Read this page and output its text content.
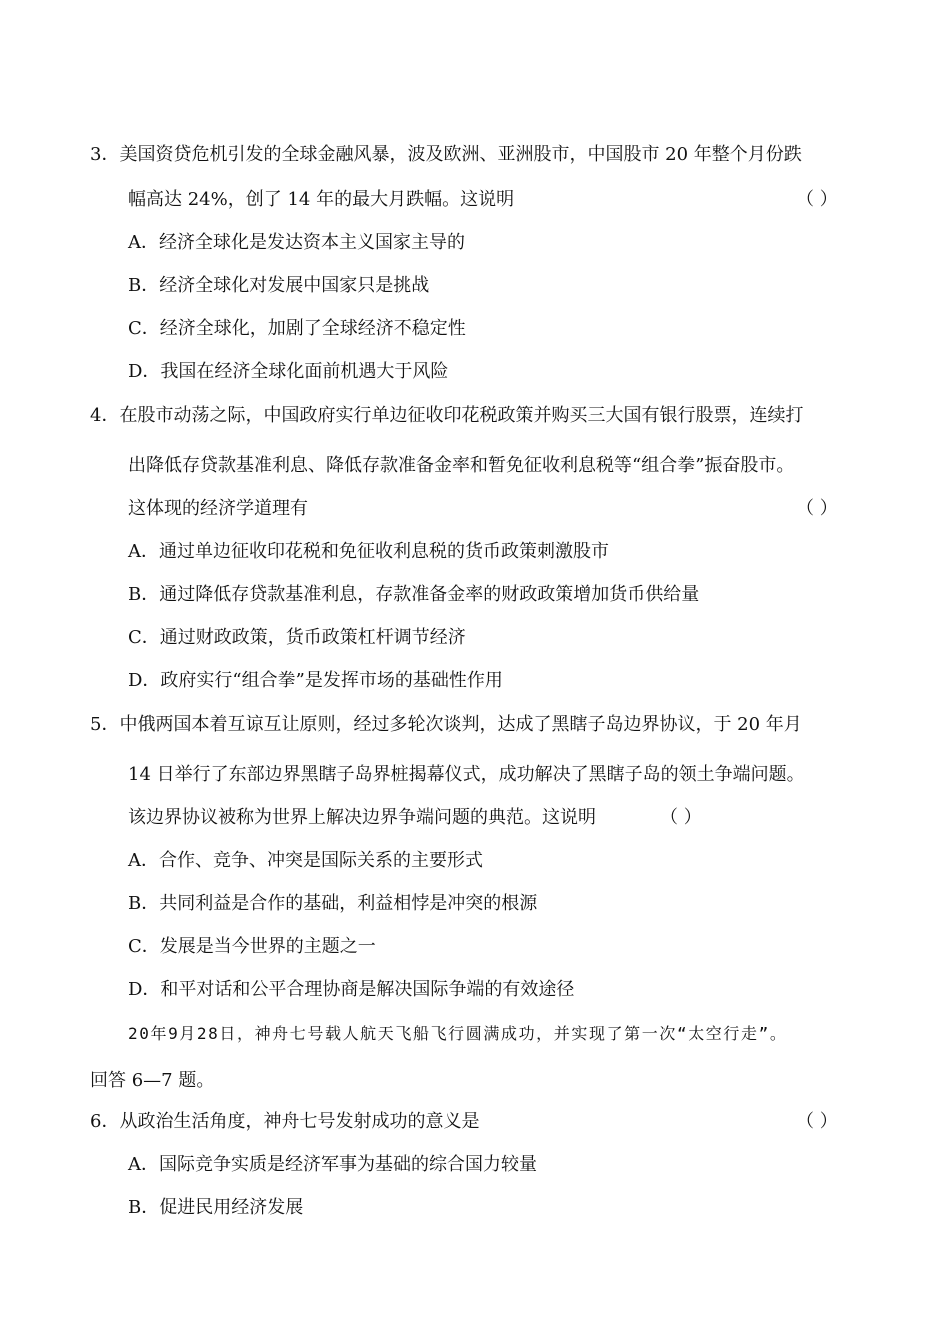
3．美国资贷危机引发的全球金融风暴，波及欧洲、亚洲股市，中国股市 20 年整个月份跌
幅高达 24%，创了 14 年的最大月跌幅。这说明	（ ）
A．经济全球化是发达资本主义国家主导的
B．经济全球化对发展中国家只是挑战
C．经济全球化，加剧了全球经济不稳定性
D．我国在经济全球化面前机遇大于风险
4．在股市动荡之际，中国政府实行单边征收印花税政策并购买三大国有银行股票，连续打
出降低存贷款基准利息、降低存款准备金率和暂免征收利息税等“组合拳”振奋股市。
这体现的经济学道理有	（ ）
A．通过单边征收印花税和免征收利息税的货币政策刺激股市
B．通过降低存贷款基准利息，存款准备金率的财政政策增加货币供给量
C．通过财政政策，货币政策杠杆调节经济
D．政府实行“组合拳”是发挥市场的基础性作用
5．中俄两国本着互谅互让原则，经过多轮次谈判，达成了黑瞎子岛边界协议，于 20 年月
14 日举行了东部边界黑瞎子岛界桩揭幕仪式，成功解决了黑瞎子岛的领土争端问题。
该边界协议被称为世界上解决边界争端问题的典范。这说明	（ ）
A．合作、竞争、冲突是国际关系的主要形式
B．共同利益是合作的基础，利益相悖是冲突的根源
C．发展是当今世界的主题之一
D．和平对话和公平合理协商是解决国际争端的有效途径
20年9月28日，神舟七号载人航天飞船飞行圆满成功，并实现了第一次“太空行走”。
回答 6—7 题。
6．从政治生活角度，神舟七号发射成功的意义是	（ ）
A．国际竞争实质是经济军事为基础的综合国力较量
B．促进民用经济发展
